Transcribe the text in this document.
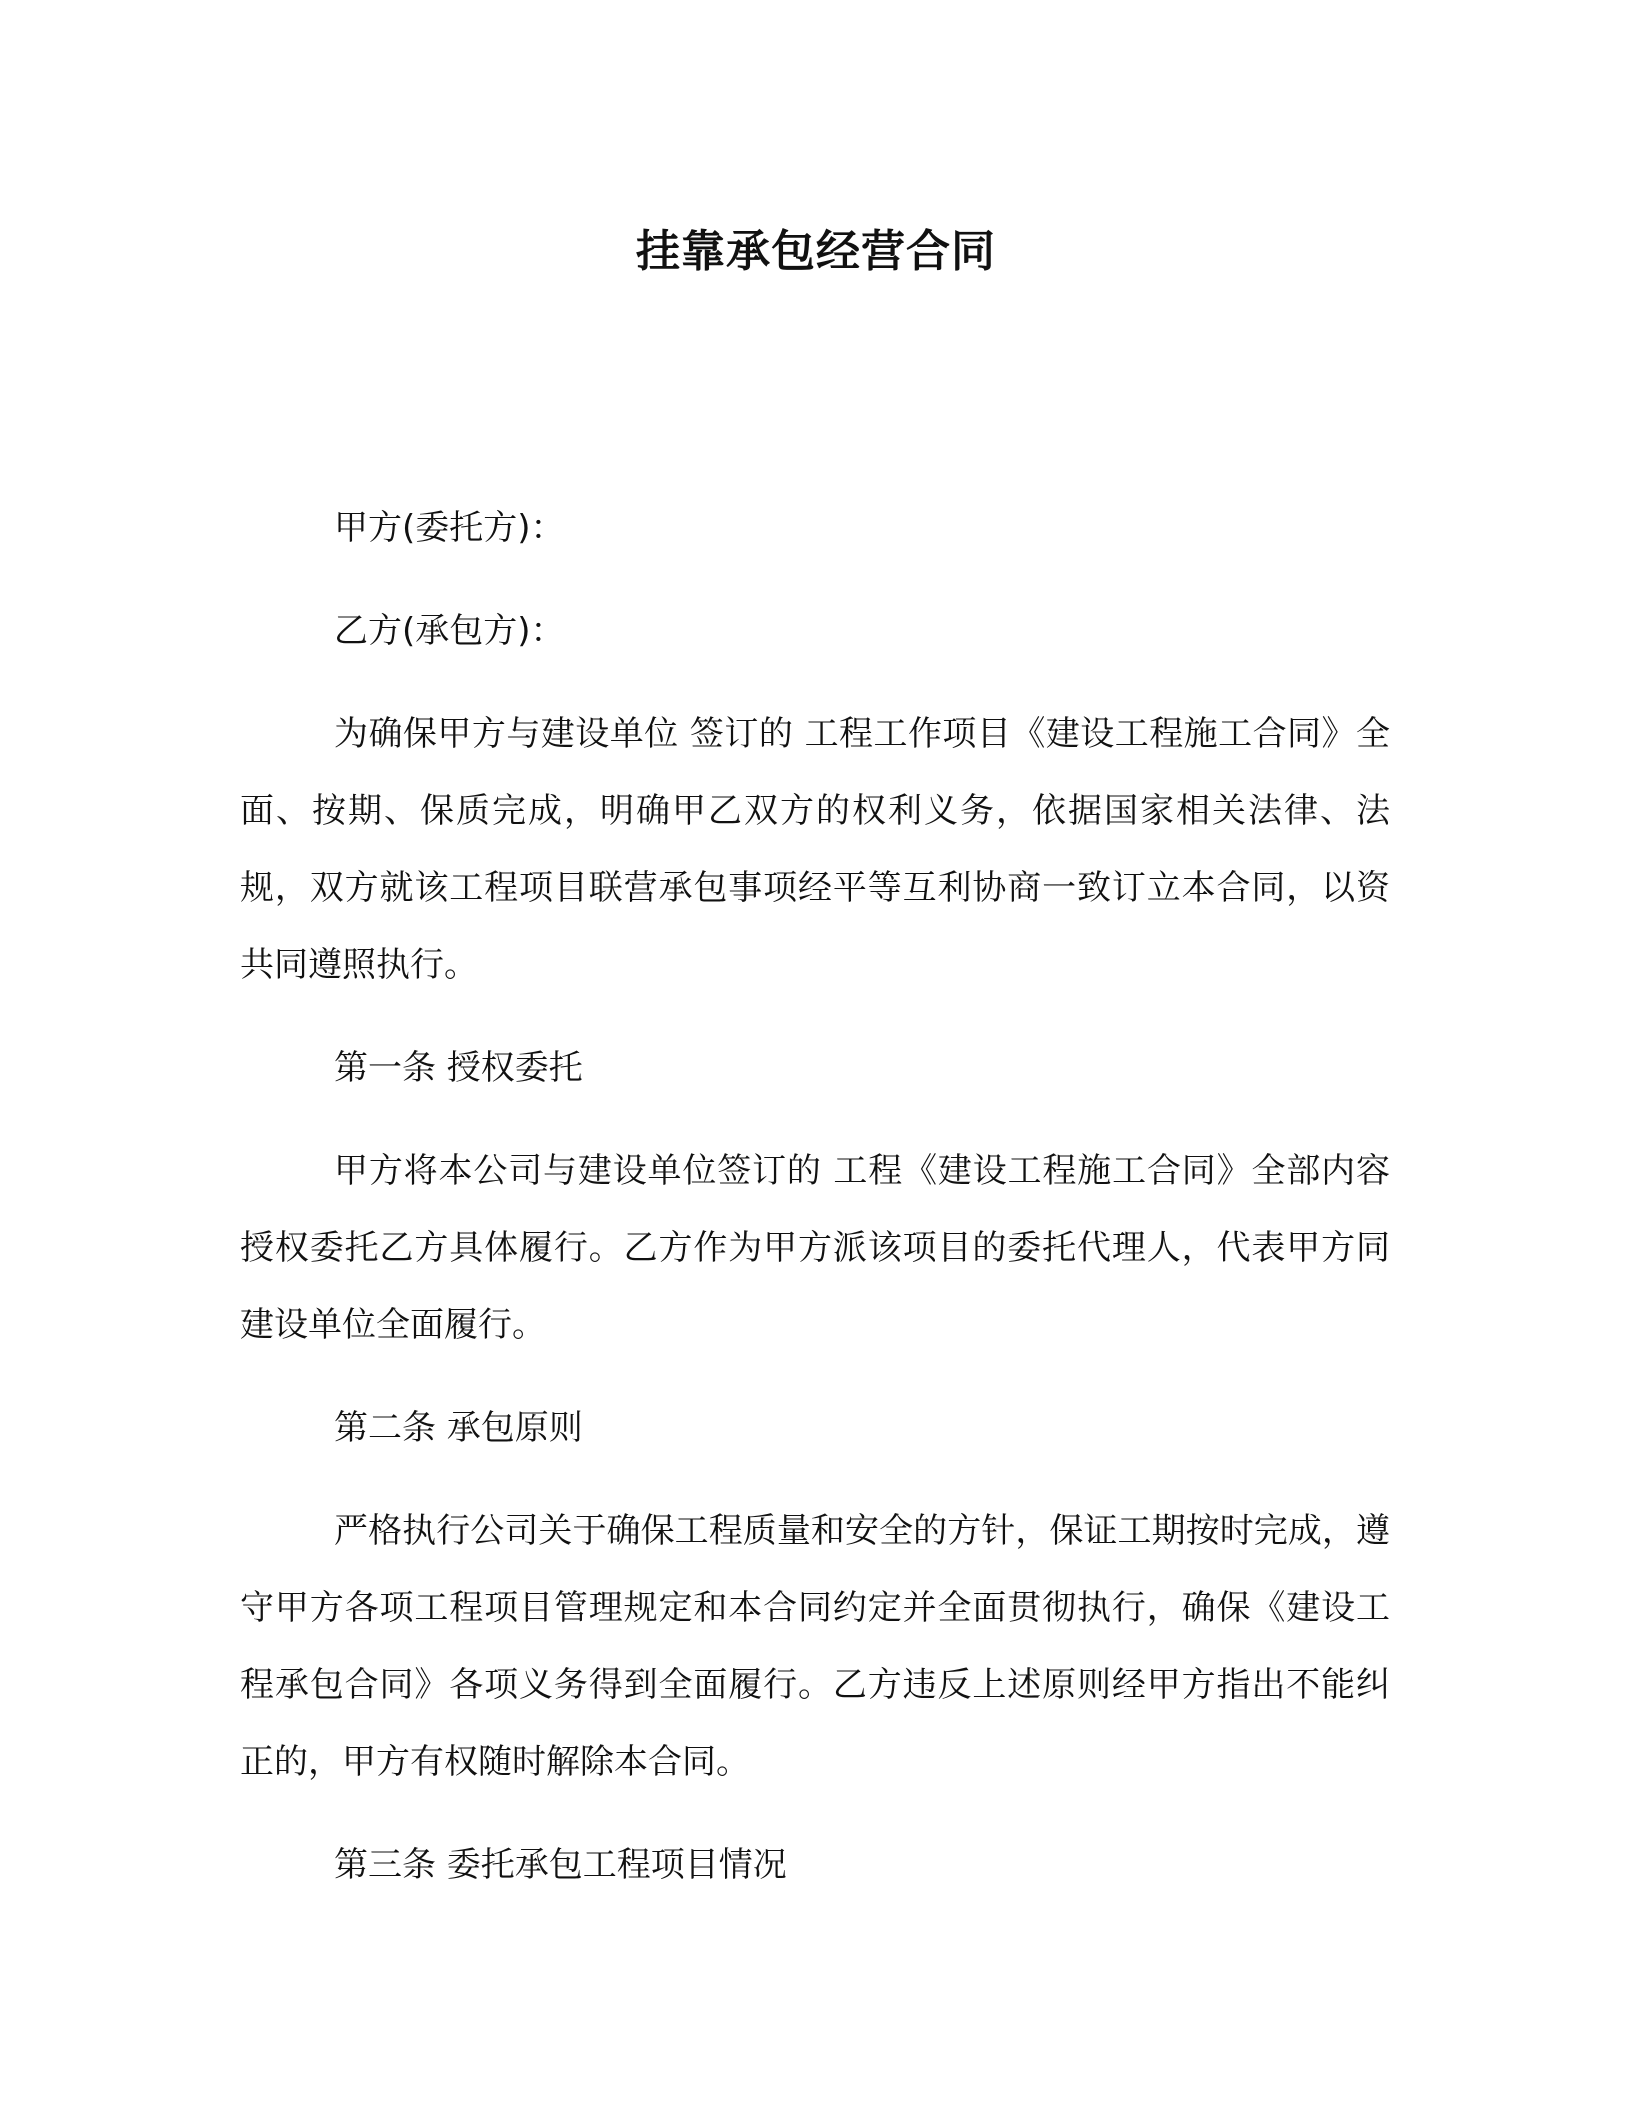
挂靠承包经营合同

甲方(委托方)：

乙方(承包方)：

为确保甲方与建设单位 签订的 工程工作项目《建设工程施工合同》全面、按期、保质完成，明确甲乙双方的权利义务，依据国家相关法律、法规，双方就该工程项目联营承包事项经平等互利协商一致订立本合同，以资共同遵照执行。

第一条 授权委托

甲方将本公司与建设单位签订的 工程《建设工程施工合同》全部内容授权委托乙方具体履行。乙方作为甲方派该项目的委托代理人，代表甲方同建设单位全面履行。

第二条 承包原则

严格执行公司关于确保工程质量和安全的方针，保证工期按时完成，遵守甲方各项工程项目管理规定和本合同约定并全面贯彻执行，确保《建设工程承包合同》各项义务得到全面履行。乙方违反上述原则经甲方指出不能纠正的，甲方有权随时解除本合同。

第三条 委托承包工程项目情况
